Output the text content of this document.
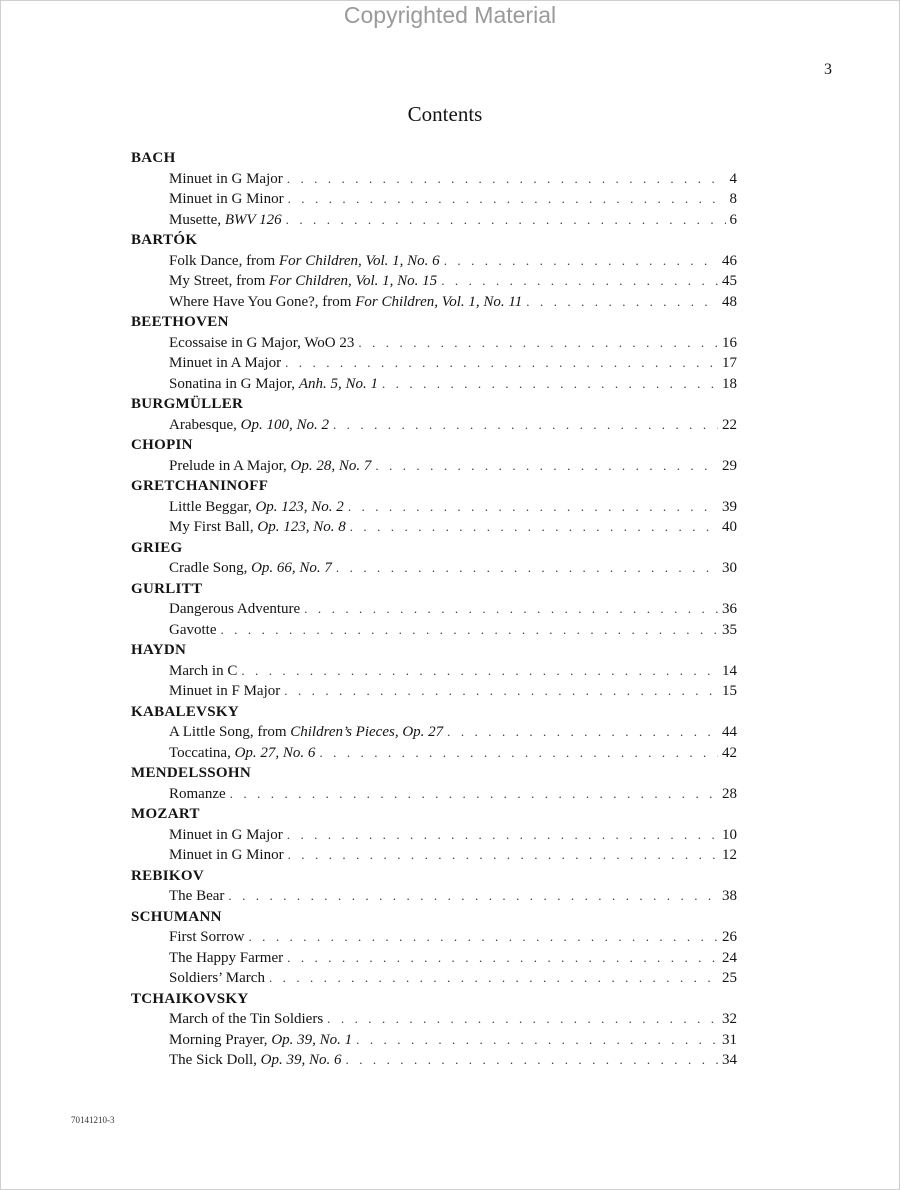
Copyrighted Material
3
Contents
BACH
Minuet in G Major . . .	4
Minuet in G Minor . . .	8
Musette, BWV 126 . . .	6
BARTÓK
Folk Dance, from For Children, Vol. 1, No. 6 . . .	46
My Street, from For Children, Vol. 1, No. 15 . . .	45
Where Have You Gone?, from For Children, Vol. 1, No. 11 . . .	48
BEETHOVEN
Ecossaise in G Major, WoO 23 . . .	16
Minuet in A Major . . .	17
Sonatina in G Major, Anh. 5, No. 1 . . .	18
BURGMÜLLER
Arabesque, Op. 100, No. 2 . . .	22
CHOPIN
Prelude in A Major, Op. 28, No. 7 . . .	29
GRETCHANINOFF
Little Beggar, Op. 123, No. 2 . . .	39
My First Ball, Op. 123, No. 8 . . .	40
GRIEG
Cradle Song, Op. 66, No. 7 . . .	30
GURLITT
Dangerous Adventure . . .	36
Gavotte . . .	35
HAYDN
March in C . . .	14
Minuet in F Major . . .	15
KABALEVSKY
A Little Song, from Children’s Pieces, Op. 27 . . .	44
Toccatina, Op. 27, No. 6 . . .	42
MENDELSSOHN
Romanze . . .	28
MOZART
Minuet in G Major . . .	10
Minuet in G Minor . . .	12
REBIKOV
The Bear . . .	38
SCHUMANN
First Sorrow . . .	26
The Happy Farmer . . .	24
Soldiers’ March . . .	25
TCHAIKOVSKY
March of the Tin Soldiers . . .	32
Morning Prayer, Op. 39, No. 1 . . .	31
The Sick Doll, Op. 39, No. 6 . . .	34
70141210-3
